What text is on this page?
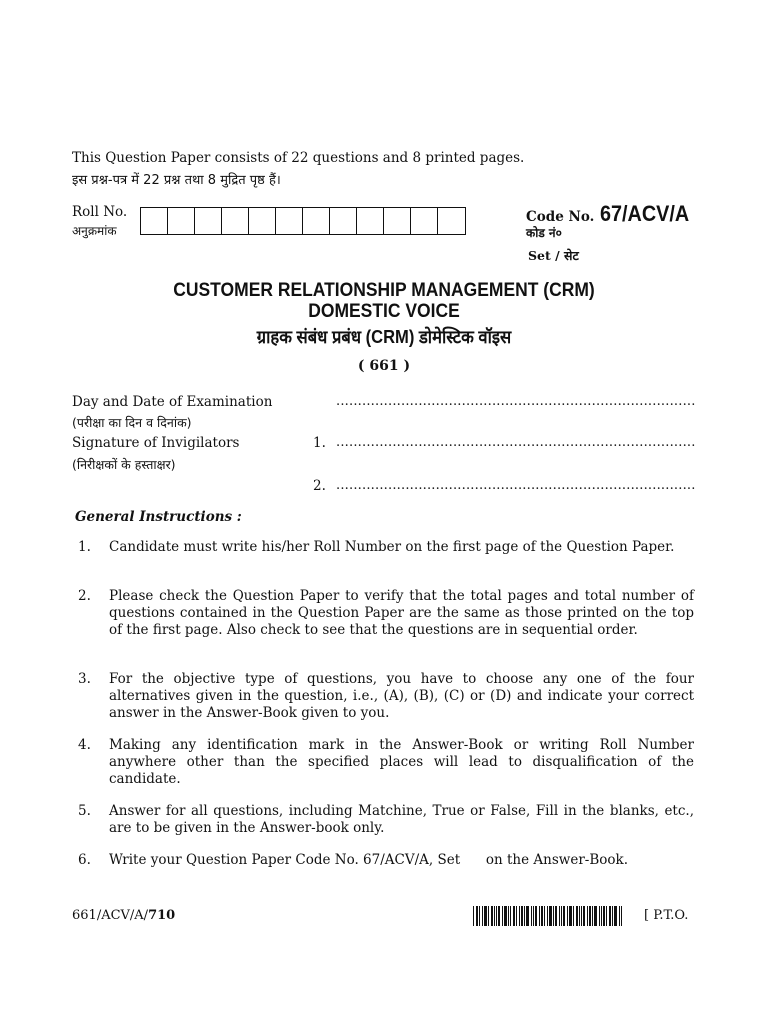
This Question Paper consists of 22 questions and 8 printed pages.
इस प्रश्न-पत्र में 22 प्रश्न तथा 8 मुद्रित पृष्ठ हैं।
Roll No.
अनुक्रमांक
Code No. 67/ACV/A
कोड नं०
Set / सेट
CUSTOMER RELATIONSHIP MANAGEMENT (CRM)
DOMESTIC VOICE
ग्राहक संबंध प्रबंध (CRM) डोमेस्टिक वॉइस
( 661 )
Day and Date of Examination	...................................................................................
(परीक्षा का दिन व दिनांक)
Signature of Invigilators	1. ...................................................................................
(निरीक्षकों के हस्ताक्षर)
2. ...................................................................................
General Instructions :
1. Candidate must write his/her Roll Number on the first page of the Question Paper.
2. Please check the Question Paper to verify that the total pages and total number of questions contained in the Question Paper are the same as those printed on the top of the first page. Also check to see that the questions are in sequential order.
3. For the objective type of questions, you have to choose any one of the four alternatives given in the question, i.e., (A), (B), (C) or (D) and indicate your correct answer in the Answer-Book given to you.
4. Making any identification mark in the Answer-Book or writing Roll Number anywhere other than the specified places will lead to disqualification of the candidate.
5. Answer for all questions, including Matchine, True or False, Fill in the blanks, etc., are to be given in the Answer-book only.
6. Write your Question Paper Code No. 67/ACV/A, Set      on the Answer-Book.
661/ACV/A/710	[ P.T.O.
